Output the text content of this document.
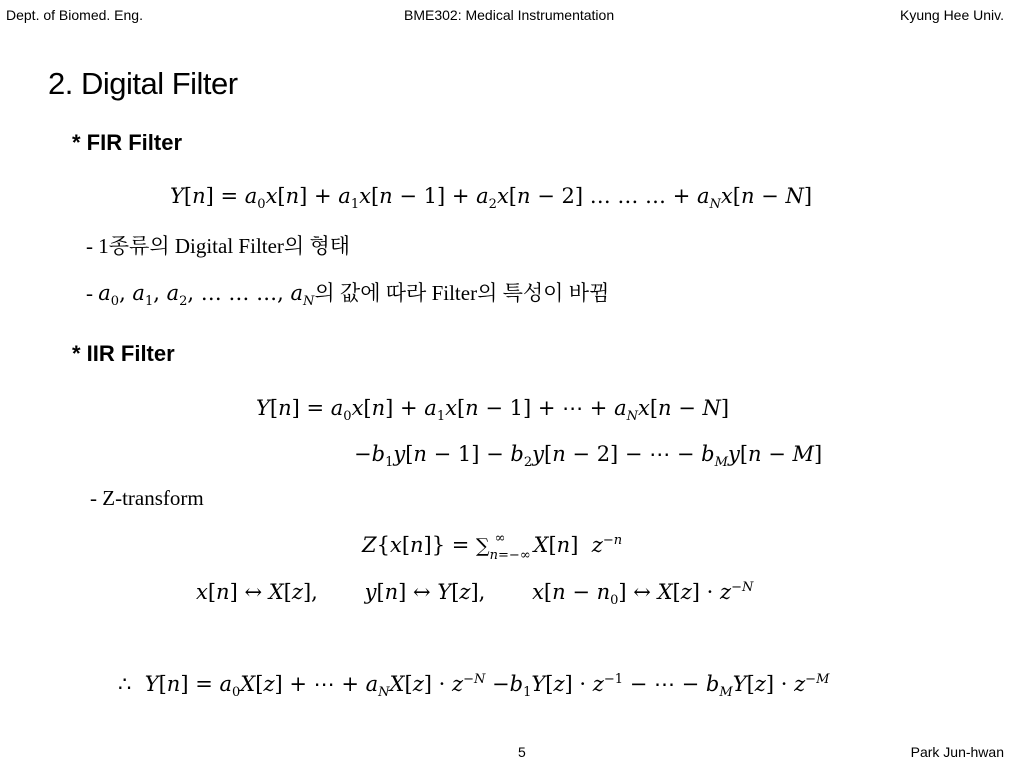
Dept. of Biomed. Eng.	BME302: Medical Instrumentation	Kyung Hee Univ.
2. Digital Filter
* FIR Filter
$Y[n] = a_0x[n] + a_1x[n - 1] + a_2x[n - 2]$ … … … + $a_Nx[n - N]$
- 1종류의 Digital Filter의 형태
- $a_0$, $a_1$, $a_2$, … … …, $a_N$의 값에 따라 Filter의 특성이 바뀜
* IIR Filter
$Y[n] = a_0x[n] + a_1x[n - 1]$ + ⋯ + $a_Nx[n - N]$
$-b_1y[n - 1] - b_2y[n - 2]$ − ⋯ − $b_My[n - M]$
- Z-transform
$Z\{x[n]\} = \sum_{n=-\infty}^\infty$ X[n]  $z^{-n}$
x[n] ↔ X[z],       y[n] ↔ Y[z],       $x[n - n_0]$ ↔ $X[z] \cdot z^{-N}$
∴  $Y[n] = a_0X[z]$ + ⋯ + $a_NX[z] \cdot z^{-N} -b_1Y[z] \cdot z^{-1}$ − ⋯ − $b_MY[z] \cdot z^{-M}$
5	Park Jun-hwan
